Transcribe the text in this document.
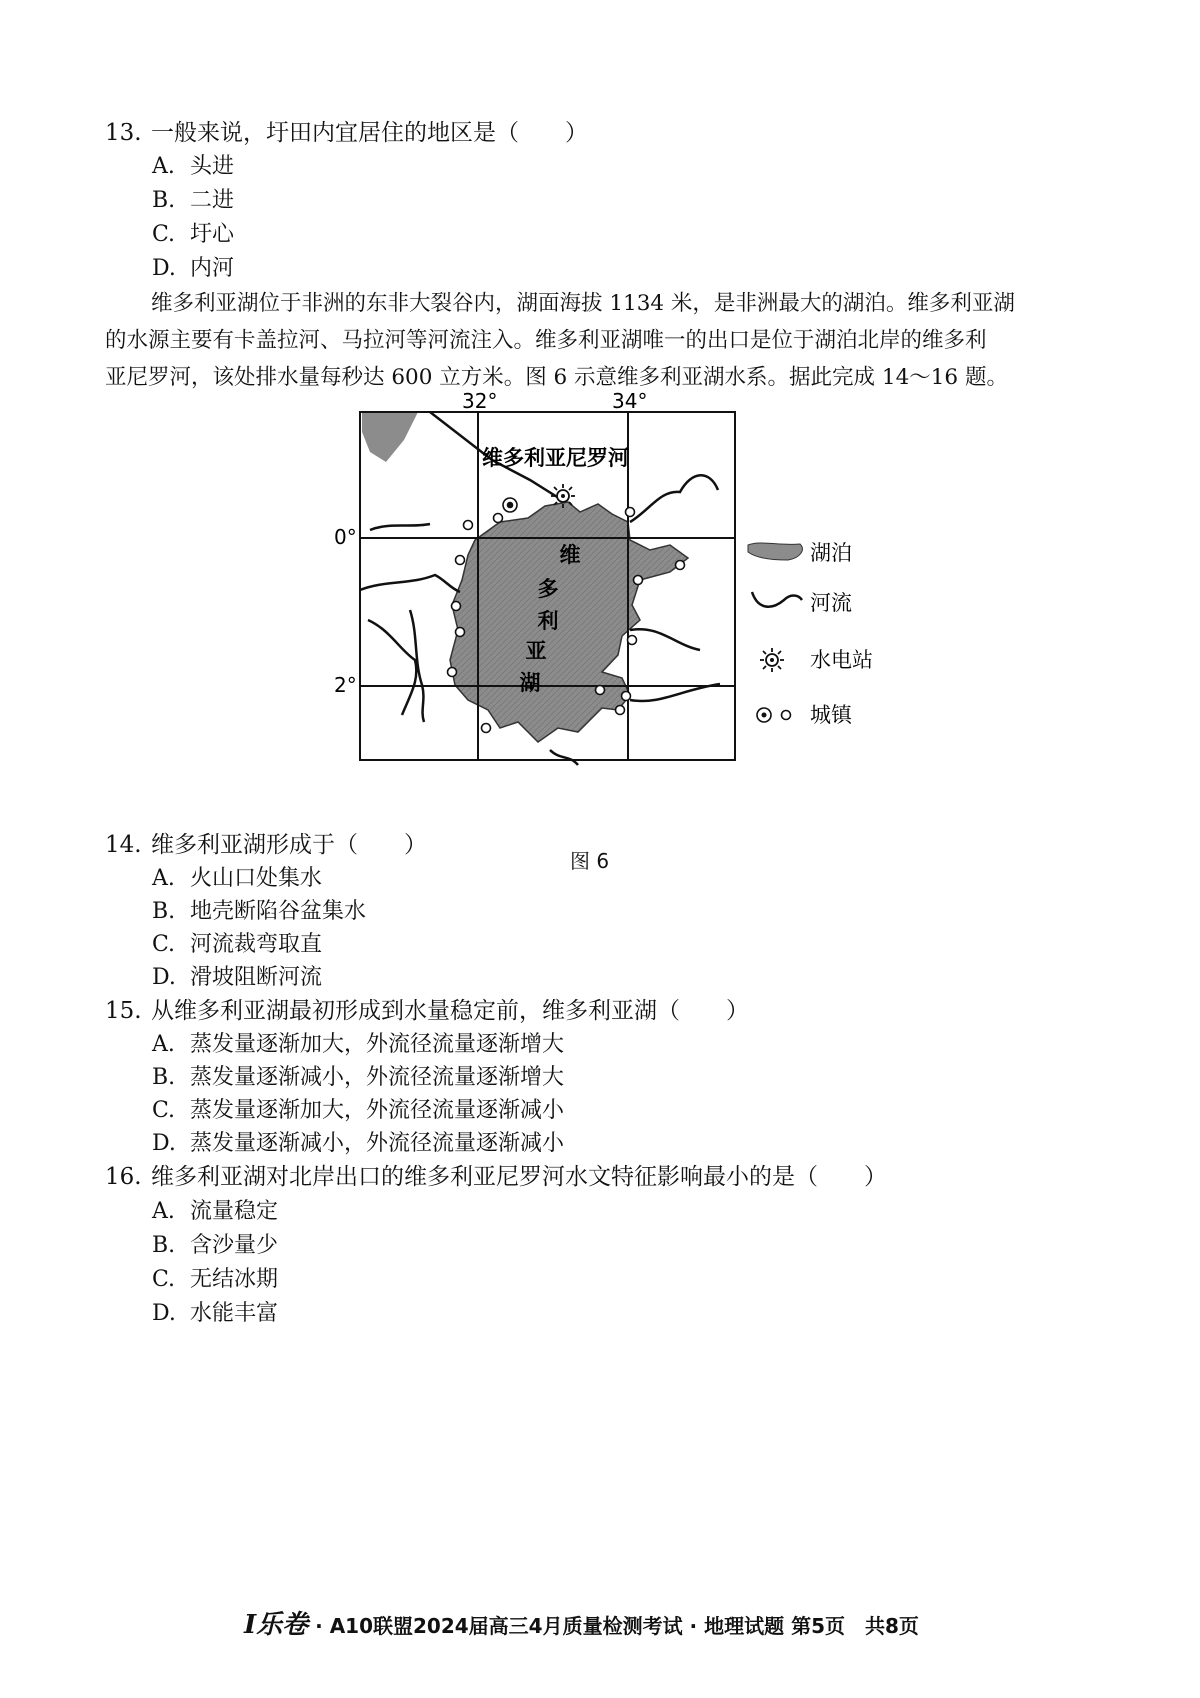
13. 一般来说，圩田内宜居住的地区是（　　）
A. 头进
B. 二进
C. 圩心
D. 内河
维多利亚湖位于非洲的东非大裂谷内，湖面海拔 1134 米，是非洲最大的湖泊。维多利亚湖
的水源主要有卡盖拉河、马拉河等河流注入。维多利亚湖唯一的出口是位于湖泊北岸的维多利
亚尼罗河，该处排水量每秒达 600 立方米。图 6 示意维多利亚湖水系。据此完成 14～16 题。
32°	34°
0°
2°
维多利亚尼罗河
维
多
利
亚
湖
湖泊
河流
水电站
城镇
图 6
14. 维多利亚湖形成于（　　）
A. 火山口处集水
B. 地壳断陷谷盆集水
C. 河流裁弯取直
D. 滑坡阻断河流
15. 从维多利亚湖最初形成到水量稳定前，维多利亚湖（　　）
A. 蒸发量逐渐加大，外流径流量逐渐增大
B. 蒸发量逐渐减小，外流径流量逐渐增大
C. 蒸发量逐渐加大，外流径流量逐渐减小
D. 蒸发量逐渐减小，外流径流量逐渐减小
16. 维多利亚湖对北岸出口的维多利亚尼罗河水文特征影响最小的是（　　）
A. 流量稳定
B. 含沙量少
C. 无结冰期
D. 水能丰富
I乐卷 · A10联盟2024届高三4月质量检测考试 · 地理试题 第5页　共8页
